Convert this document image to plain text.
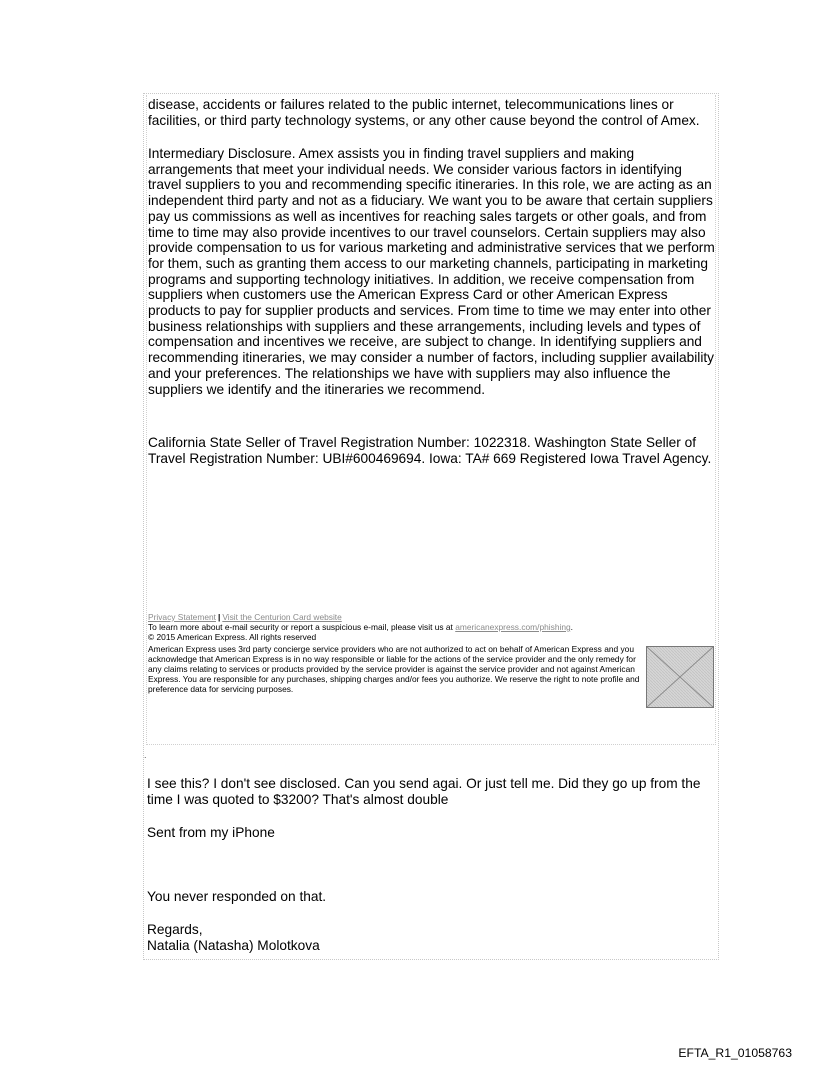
disease, accidents or failures related to the public internet, telecommunications lines or facilities, or third party technology systems, or any other cause beyond the control of Amex.
Intermediary Disclosure. Amex assists you in finding travel suppliers and making arrangements that meet your individual needs. We consider various factors in identifying travel suppliers to you and recommending specific itineraries. In this role, we are acting as an independent third party and not as a fiduciary. We want you to be aware that certain suppliers pay us commissions as well as incentives for reaching sales targets or other goals, and from time to time may also provide incentives to our travel counselors. Certain suppliers may also provide compensation to us for various marketing and administrative services that we perform for them, such as granting them access to our marketing channels, participating in marketing programs and supporting technology initiatives. In addition, we receive compensation from suppliers when customers use the American Express Card or other American Express products to pay for supplier products and services. From time to time we may enter into other business relationships with suppliers and these arrangements, including levels and types of compensation and incentives we receive, are subject to change. In identifying suppliers and recommending itineraries, we may consider a number of factors, including supplier availability and your preferences. The relationships we have with suppliers may also influence the suppliers we identify and the itineraries we recommend.
California State Seller of Travel Registration Number: 1022318. Washington State Seller of Travel Registration Number: UBI#600469694. Iowa: TA# 669 Registered Iowa Travel Agency.
Privacy Statement | Visit the Centurion Card website
To learn more about e-mail security or report a suspicious e-mail, please visit us at americanexpress.com/phishing.
© 2015 American Express. All rights reserved
American Express uses 3rd party concierge service providers who are not authorized to act on behalf of American Express and you acknowledge that American Express is in no way responsible or liable for the actions of the service provider and the only remedy for any claims relating to services or products provided by the service provider is against the service provider and not against American Express. You are responsible for any purchases, shipping charges and/or fees you authorize. We reserve the right to note profile and preference data for servicing purposes.
.
I see this? I don't see disclosed. Can you send agai. Or just tell me. Did they go up from the time I was quoted to $3200? That's almost double
Sent from my iPhone
You never responded on that.
Regards,
Natalia (Natasha) Molotkova
EFTA_R1_01058763
